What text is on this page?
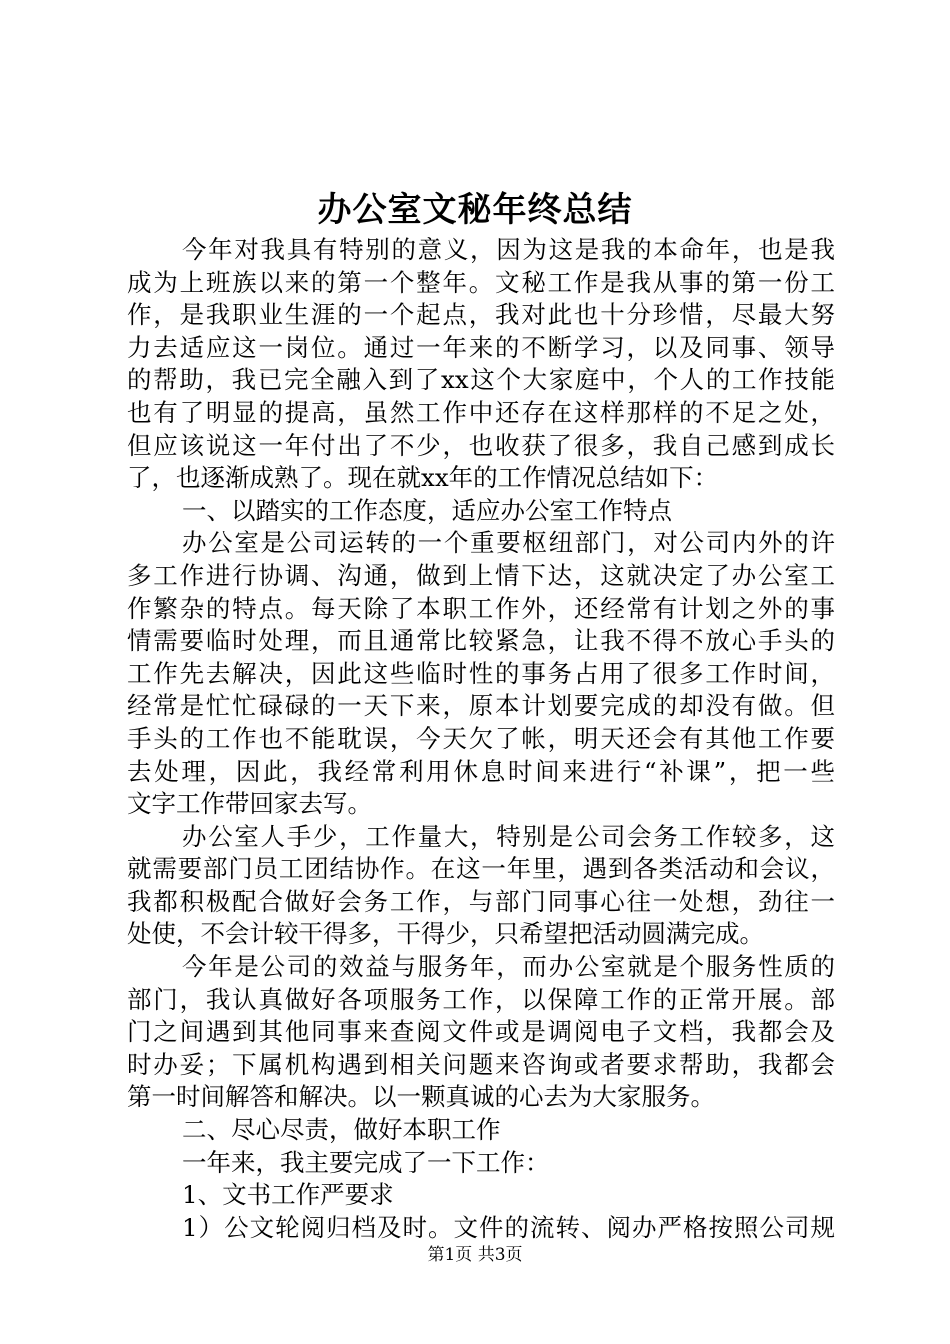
办公室文秘年终总结
今年对我具有特别的意义，因为这是我的本命年，也是我
成为上班族以来的第一个整年。文秘工作是我从事的第一份工
作，是我职业生涯的一个起点，我对此也十分珍惜，尽最大努
力去适应这一岗位。通过一年来的不断学习，以及同事、领导
的帮助，我已完全融入到了xx这个大家庭中，个人的工作技能
也有了明显的提高，虽然工作中还存在这样那样的不足之处，
但应该说这一年付出了不少，也收获了很多，我自己感到成长
了，也逐渐成熟了。现在就xx年的工作情况总结如下：
一、以踏实的工作态度，适应办公室工作特点
办公室是公司运转的一个重要枢纽部门，对公司内外的许
多工作进行协调、沟通，做到上情下达，这就决定了办公室工
作繁杂的特点。每天除了本职工作外，还经常有计划之外的事
情需要临时处理，而且通常比较紧急，让我不得不放心手头的
工作先去解决，因此这些临时性的事务占用了很多工作时间，
经常是忙忙碌碌的一天下来，原本计划要完成的却没有做。但
手头的工作也不能耽误，今天欠了帐，明天还会有其他工作要
去处理，因此，我经常利用休息时间来进行“补课”，把一些
文字工作带回家去写。
办公室人手少，工作量大，特别是公司会务工作较多，这
就需要部门员工团结协作。在这一年里，遇到各类活动和会议，
我都积极配合做好会务工作，与部门同事心往一处想，劲往一
处使，不会计较干得多，干得少，只希望把活动圆满完成。
今年是公司的效益与服务年，而办公室就是个服务性质的
部门，我认真做好各项服务工作，以保障工作的正常开展。部
门之间遇到其他同事来查阅文件或是调阅电子文档，我都会及
时办妥；下属机构遇到相关问题来咨询或者要求帮助，我都会
第一时间解答和解决。以一颗真诚的心去为大家服务。
二、尽心尽责，做好本职工作
一年来，我主要完成了一下工作：
1、文书工作严要求
1）公文轮阅归档及时。文件的流转、阅办严格按照公司规
第1页 共3页
